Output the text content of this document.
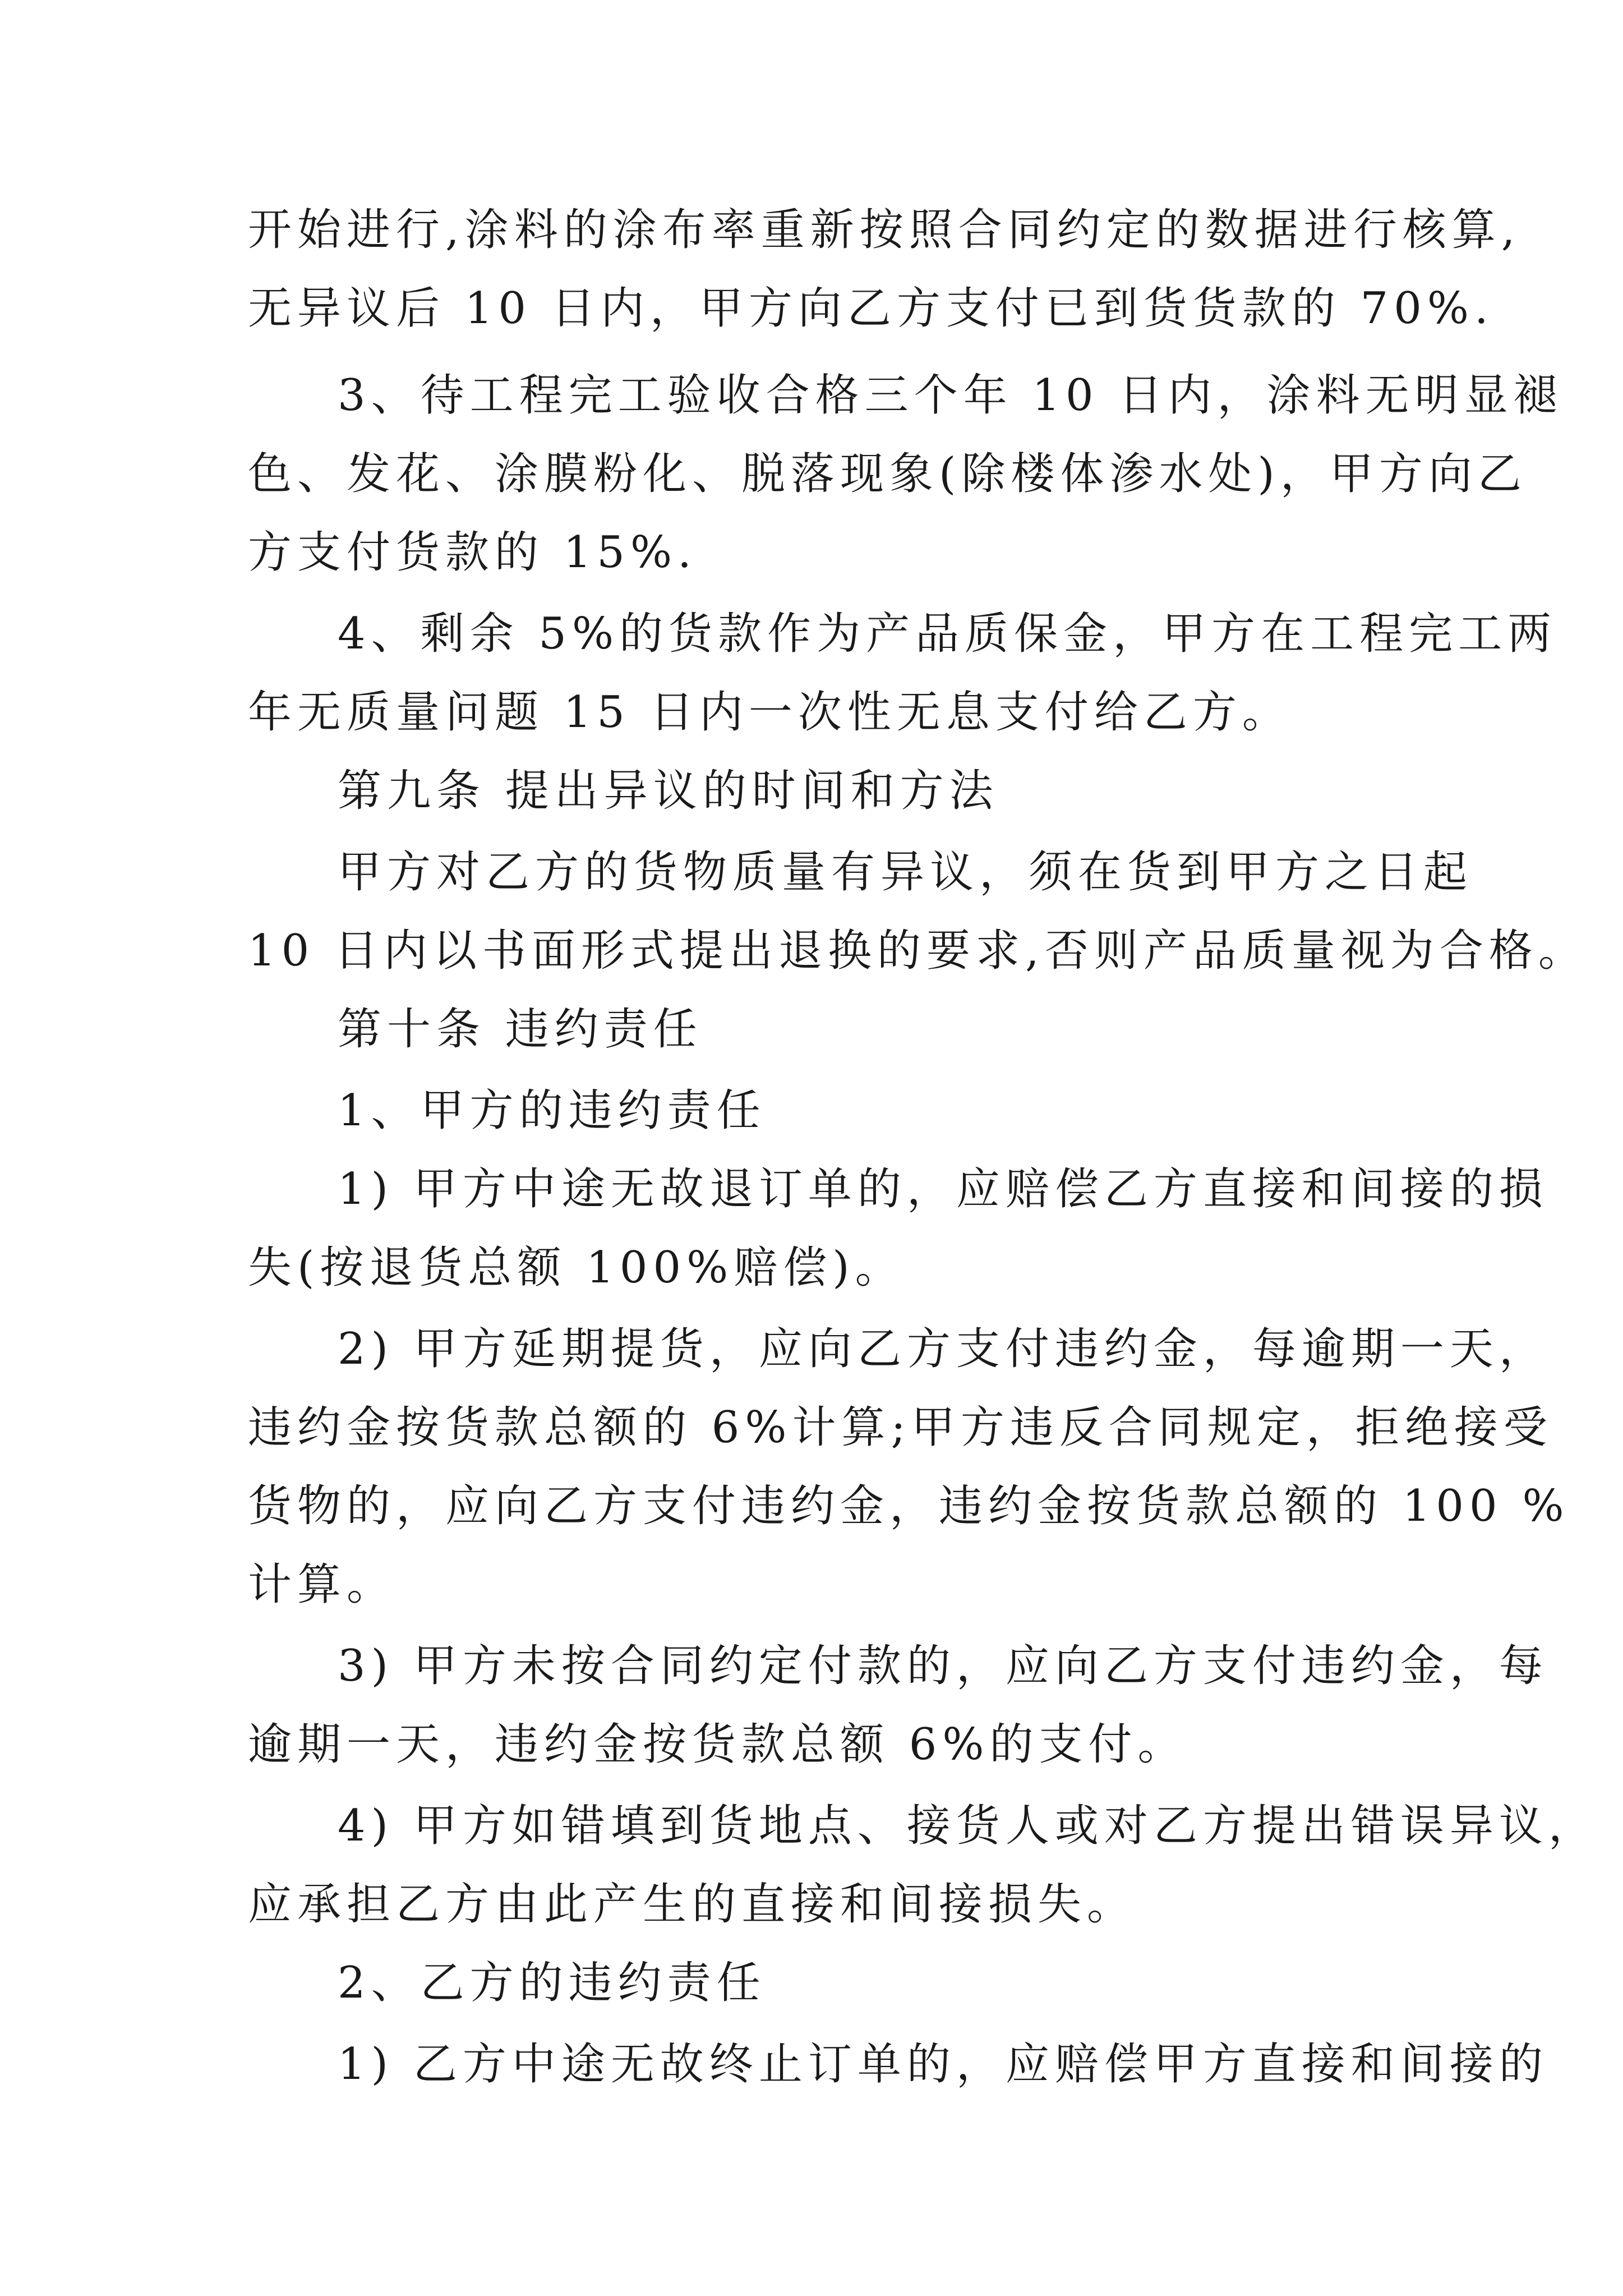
开始进行,涂料的涂布率重新按照合同约定的数据进行核算,
无异议后 10 日内，甲方向乙方支付已到货货款的 70%.
3、待工程完工验收合格三个年 10 日内，涂料无明显褪
色、发花、涂膜粉化、脱落现象(除楼体渗水处)，甲方向乙
方支付货款的 15%.
4、剩余 5%的货款作为产品质保金，甲方在工程完工两
年无质量问题 15 日内一次性无息支付给乙方。
第九条 提出异议的时间和方法
甲方对乙方的货物质量有异议，须在货到甲方之日起
10 日内以书面形式提出退换的要求,否则产品质量视为合格。
第十条 违约责任
1、甲方的违约责任
1) 甲方中途无故退订单的，应赔偿乙方直接和间接的损
失(按退货总额 100%赔偿)。
2) 甲方延期提货，应向乙方支付违约金，每逾期一天，
违约金按货款总额的 6%计算;甲方违反合同规定，拒绝接受
货物的，应向乙方支付违约金，违约金按货款总额的 100 %
计算。
3) 甲方未按合同约定付款的，应向乙方支付违约金，每
逾期一天，违约金按货款总额 6%的支付。
4) 甲方如错填到货地点、接货人或对乙方提出错误异议，
应承担乙方由此产生的直接和间接损失。
2、乙方的违约责任
1) 乙方中途无故终止订单的，应赔偿甲方直接和间接的
